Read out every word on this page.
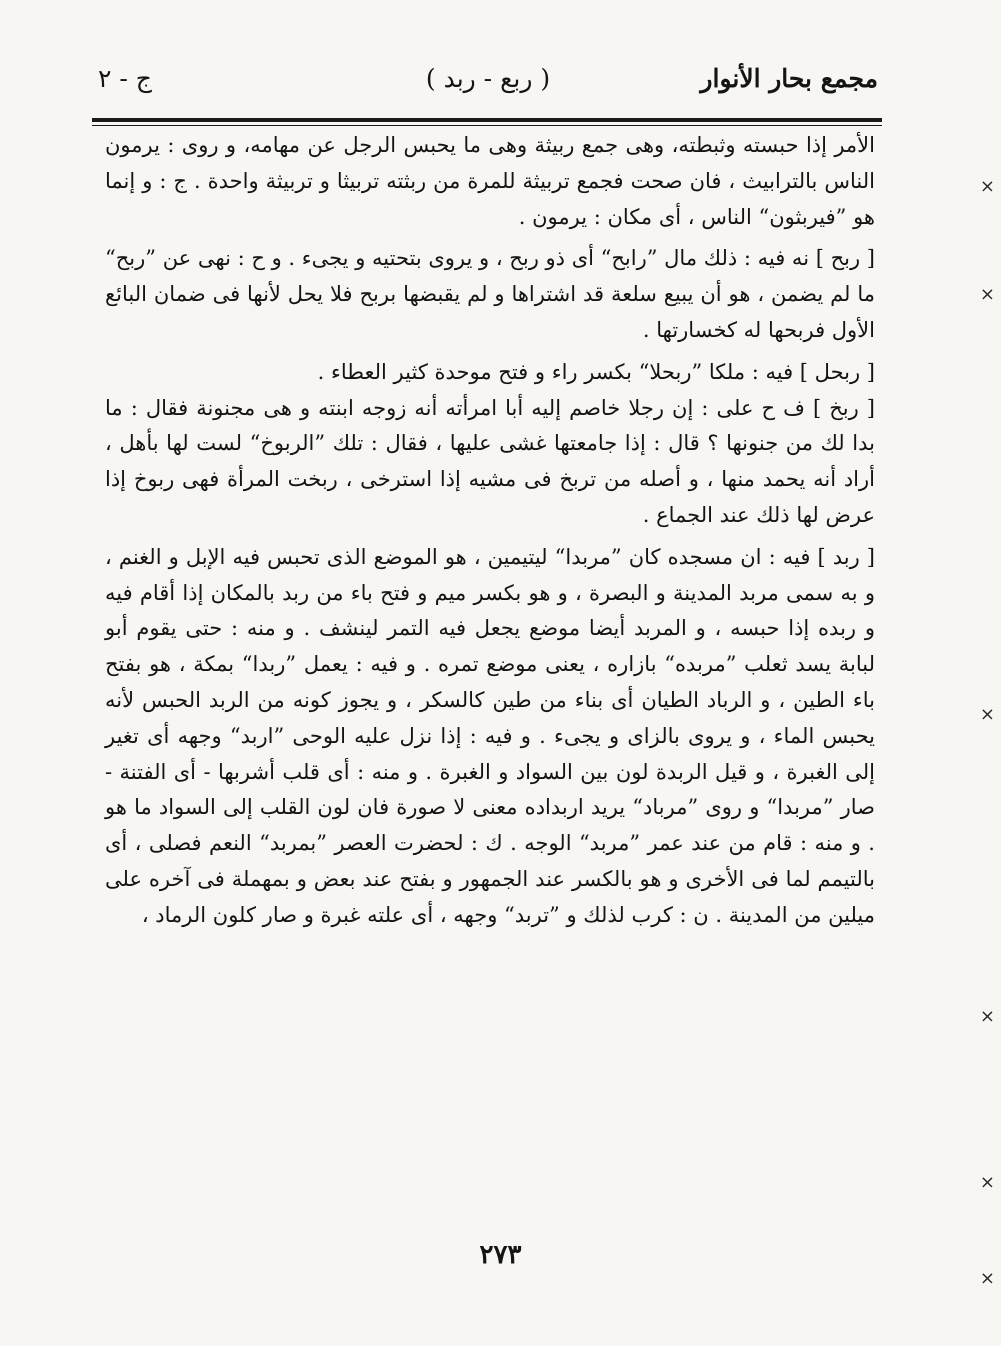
مجمع بحار الأنوار
( ربع - ربد )
ج - ٢

الأمر إذا حبسته وثبطته، وهى جمع ربيثة وهى ما يحبس الرجل عن مهامه، و روى : يرمون الناس بالترابيث ، فان صحت فجمع تربيثة للمرة من ربثته تربيثا و تربيثة واحدة . ج : و إنما هو ”فيربثون“ الناس ، أى مكان : يرمون .

[ ربح ] نه فيه : ذلك مال ”رابح“ أى ذو ربح ، و يروى بتحتيه و يجىء . و ح : نهى عن ”ربح“ ما لم يضمن ، هو أن يبيع سلعة قد اشتراها و لم يقبضها بربح فلا يحل لأنها فى ضمان البائع الأول فربحها له كخسارتها .

[ ربحل ] فيه : ملكا ”ربحلا“ بكسر راء و فتح موحدة كثير العطاء .

[ ربخ ] ف ح على : إن رجلا خاصم إليه أبا امرأته أنه زوجه ابنته و هى مجنونة فقال : ما بدا لك من جنونها ؟ قال : إذا جامعتها غشى عليها ، فقال : تلك ”الربوخ“ لست لها بأهل ، أراد أنه يحمد منها ، و أصله من تربخ فى مشيه إذا استرخى ، ربخت المرأة فهى ربوخ إذا عرض لها ذلك عند الجماع .

[ ربد ] فيه : ان مسجده كان ”مربدا“ ليتيمين ، هو الموضع الذى تحبس فيه الإبل و الغنم ، و به سمى مربد المدينة و البصرة ، و هو بكسر ميم و فتح باء من ربد بالمكان إذا أقام فيه و ربده إذا حبسه ، و المربد أيضا موضع يجعل فيه التمر لينشف . و منه : حتى يقوم أبو لبابة يسد ثعلب ”مربده“ بازاره ، يعنى موضع تمره . و فيه : يعمل ”ربدا“ بمكة ، هو بفتح باء الطين ، و الرباد الطيان أى بناء من طين كالسكر ، و يجوز كونه من الربد الحبس لأنه يحبس الماء ، و يروى بالزاى و يجىء . و فيه : إذا نزل عليه الوحى ”اربد“ وجهه أى تغير إلى الغبرة ، و قيل الربدة لون بين السواد و الغبرة . و منه : أى قلب أشربها - أى الفتنة - صار ”مربدا“ و روى ”مرباد“ يريد اربداده معنى لا صورة فان لون القلب إلى السواد ما هو . و منه : قام من عند عمر ”مربد“ الوجه . ك : لحضرت العصر ”بمربد“ النعم فصلى ، أى بالتيمم لما فى الأخرى و هو بالكسر عند الجمهور و بفتح عند بعض و بمهملة فى آخره على ميلين من المدينة . ن : كرب لذلك و ”تربد“ وجهه ، أى علته غبرة و صار كلون الرماد ،

٢٧٣
×
×
×
×
×
×
